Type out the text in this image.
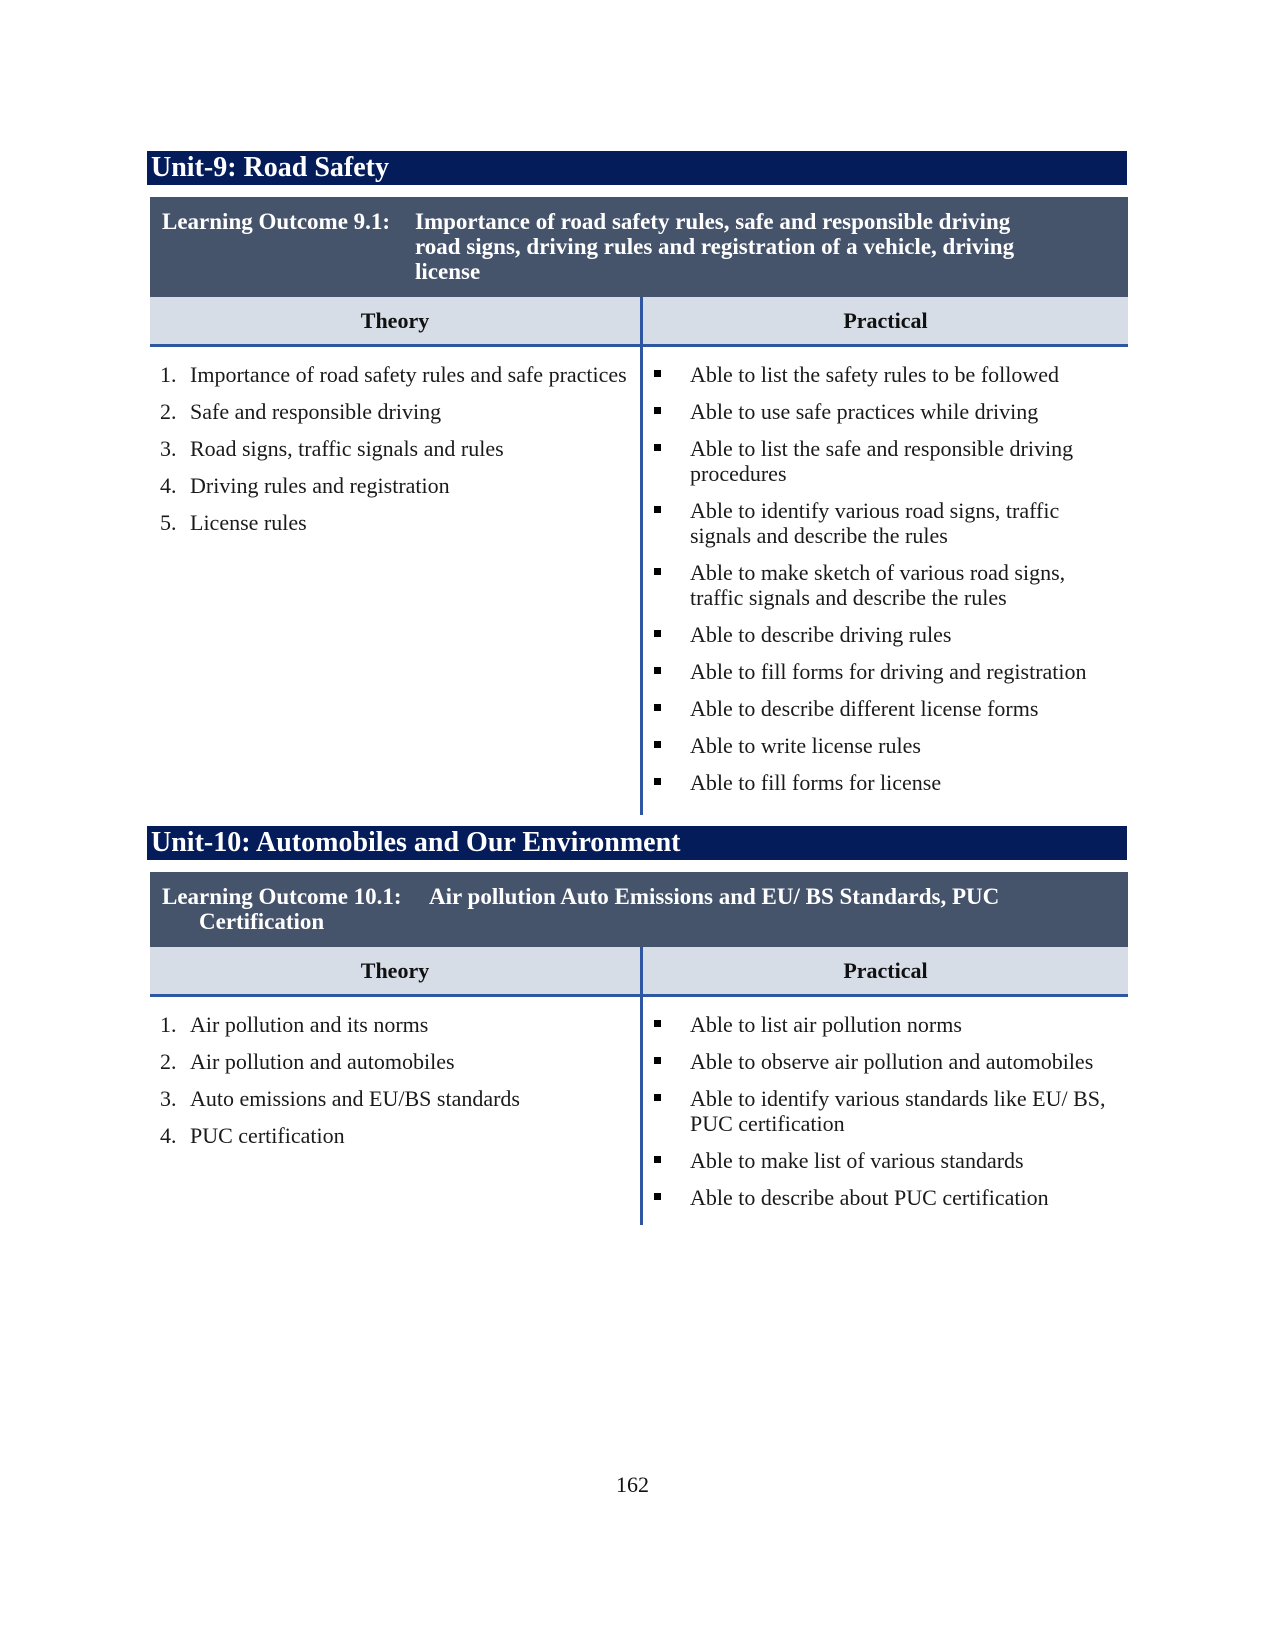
Unit-9: Road Safety
Learning Outcome 9.1: Importance of road safety rules, safe and responsible driving
road signs, driving rules and registration of a vehicle, driving
license
Theory	Practical
1. Importance of road safety rules and safe practices
2. Safe and responsible driving
3. Road signs, traffic signals and rules
4. Driving rules and registration
5. License rules
Able to list the safety rules to be followed
Able to use safe practices while driving
Able to list the safe and responsible driving procedures
Able to identify various road signs, traffic signals and describe the rules
Able to make sketch of various road signs, traffic signals and describe the rules
Able to describe driving rules
Able to fill forms for driving and registration
Able to describe different license forms
Able to write license rules
Able to fill forms for license
Unit-10: Automobiles and Our Environment
Learning Outcome 10.1: Air pollution Auto Emissions and EU/ BS Standards, PUC
Certification
Theory	Practical
1. Air pollution and its norms
2. Air pollution and automobiles
3. Auto emissions and EU/BS standards
4. PUC certification
Able to list air pollution norms
Able to observe air pollution and automobiles
Able to identify various standards like EU/ BS, PUC certification
Able to make list of various standards
Able to describe about PUC certification
162
